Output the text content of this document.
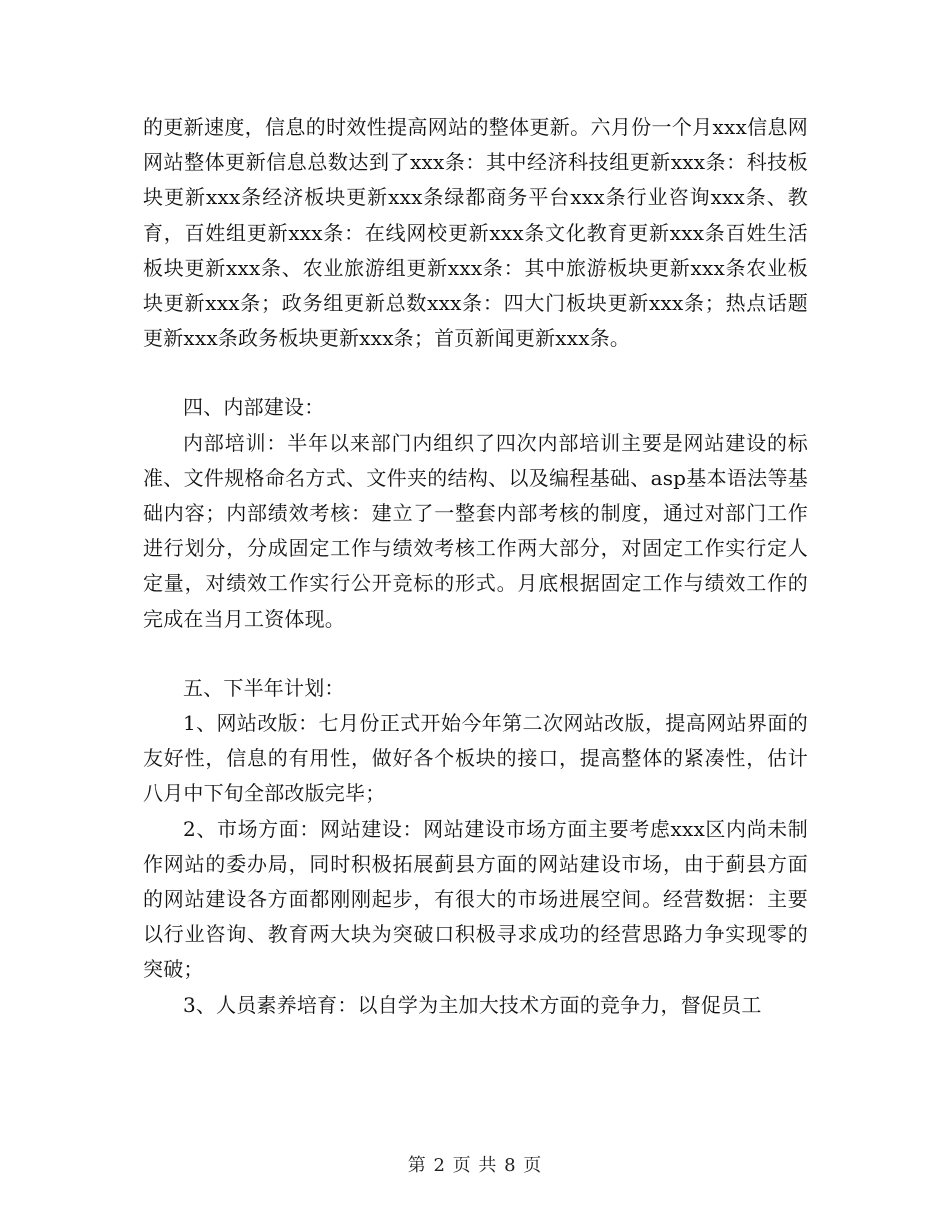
的更新速度，信息的时效性提高网站的整体更新。六月份一个月xxx信息网网站整体更新信息总数达到了xxx条：其中经济科技组更新xxx条：科技板块更新xxx条经济板块更新xxx条绿都商务平台xxx条行业咨询xxx条、教育，百姓组更新xxx条：在线网校更新xxx条文化教育更新xxx条百姓生活板块更新xxx条、农业旅游组更新xxx条：其中旅游板块更新xxx条农业板块更新xxx条；政务组更新总数xxx条：四大门板块更新xxx条；热点话题更新xxx条政务板块更新xxx条；首页新闻更新xxx条。

四、内部建设：

内部培训：半年以来部门内组织了四次内部培训主要是网站建设的标准、文件规格命名方式、文件夹的结构、以及编程基础、asp基本语法等基础内容；内部绩效考核：建立了一整套内部考核的制度，通过对部门工作进行划分，分成固定工作与绩效考核工作两大部分，对固定工作实行定人定量，对绩效工作实行公开竞标的形式。月底根据固定工作与绩效工作的完成在当月工资体现。

五、下半年计划：

1、网站改版：七月份正式开始今年第二次网站改版，提高网站界面的友好性，信息的有用性，做好各个板块的接口，提高整体的紧凑性，估计八月中下旬全部改版完毕；

2、市场方面：网站建设：网站建设市场方面主要考虑xxx区内尚未制作网站的委办局，同时积极拓展蓟县方面的网站建设市场，由于蓟县方面的网站建设各方面都刚刚起步，有很大的市场进展空间。经营数据：主要以行业咨询、教育两大块为突破口积极寻求成功的经营思路力争实现零的突破；

3、人员素养培育：以自学为主加大技术方面的竞争力，督促员工

第 2 页 共 8 页
